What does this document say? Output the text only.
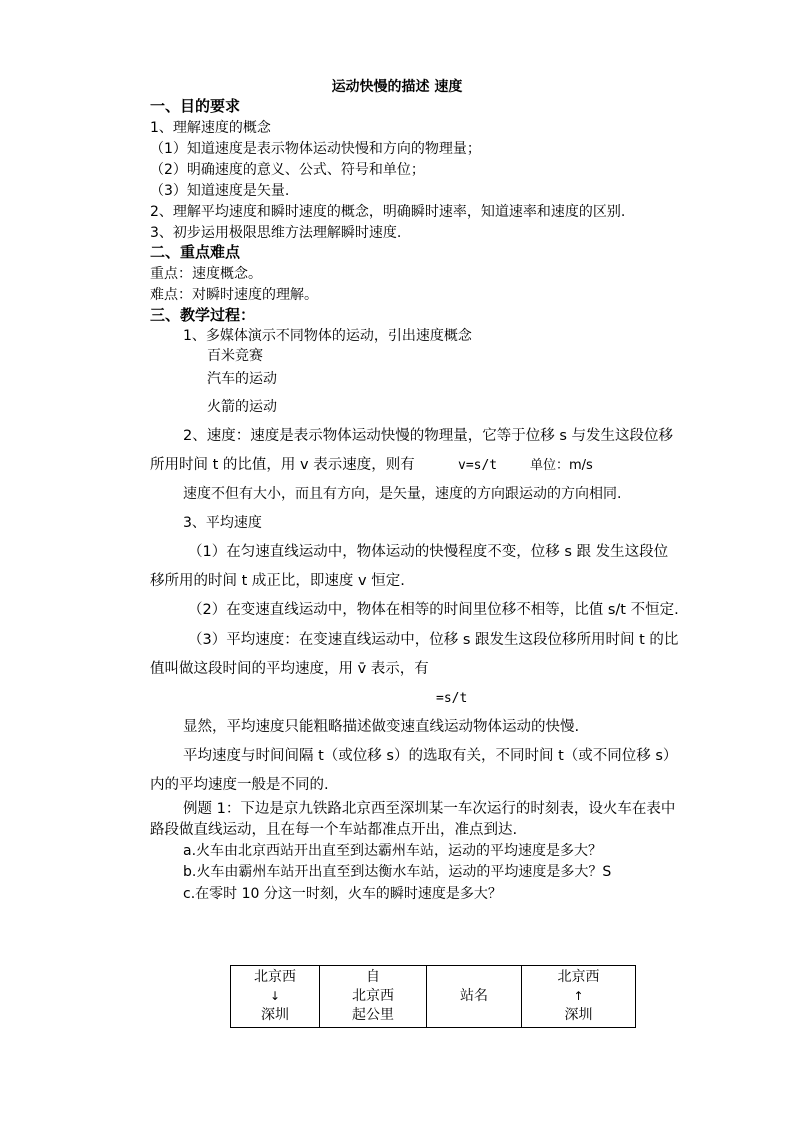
运动快慢的描述 速度
一、目的要求
1、理解速度的概念
（1）知道速度是表示物体运动快慢和方向的物理量；
（2）明确速度的意义、公式、符号和单位；
（3）知道速度是矢量.
2、理解平均速度和瞬时速度的概念，明确瞬时速率，知道速率和速度的区别.
3、初步运用极限思维方法理解瞬时速度.
二、重点难点
重点：速度概念。
难点：对瞬时速度的理解。
三、教学过程：
1、多媒体演示不同物体的运动，引出速度概念
百米竞赛
汽车的运动
火箭的运动
2、速度：速度是表示物体运动快慢的物理量，它等于位移 s 与发生这段位移
所用时间 t 的比值，用 v 表示速度，则有	v=s/t	单位：m/s
速度不但有大小，而且有方向，是矢量，速度的方向跟运动的方向相同.
3、平均速度
（1）在匀速直线运动中，物体运动的快慢程度不变，位移 s 跟 发生这段位
移所用的时间 t 成正比，即速度 v 恒定.
（2）在变速直线运动中，物体在相等的时间里位移不相等，比值 s/t 不恒定.
（3）平均速度：在变速直线运动中，位移 s 跟发生这段位移所用时间 t 的比
值叫做这段时间的平均速度，用 v̄ 表示，有
=s/t
显然，平均速度只能粗略描述做变速直线运动物体运动的快慢.
平均速度与时间间隔 t（或位移 s）的选取有关，不同时间 t（或不同位移 s）
内的平均速度一般是不同的.
例题 1：下边是京九铁路北京西至深圳某一车次运行的时刻表，设火车在表中
路段做直线运动，且在每一个车站都准点开出，准点到达.
a.火车由北京西站开出直至到达霸州车站，运动的平均速度是多大？
b.火车由霸州车站开出直至到达衡水车站，运动的平均速度是多大？S
c.在零时 10 分这一时刻，火车的瞬时速度是多大？
北京西
↓
深圳

自
北京西
起公里

站名

北京西
↑
深圳
